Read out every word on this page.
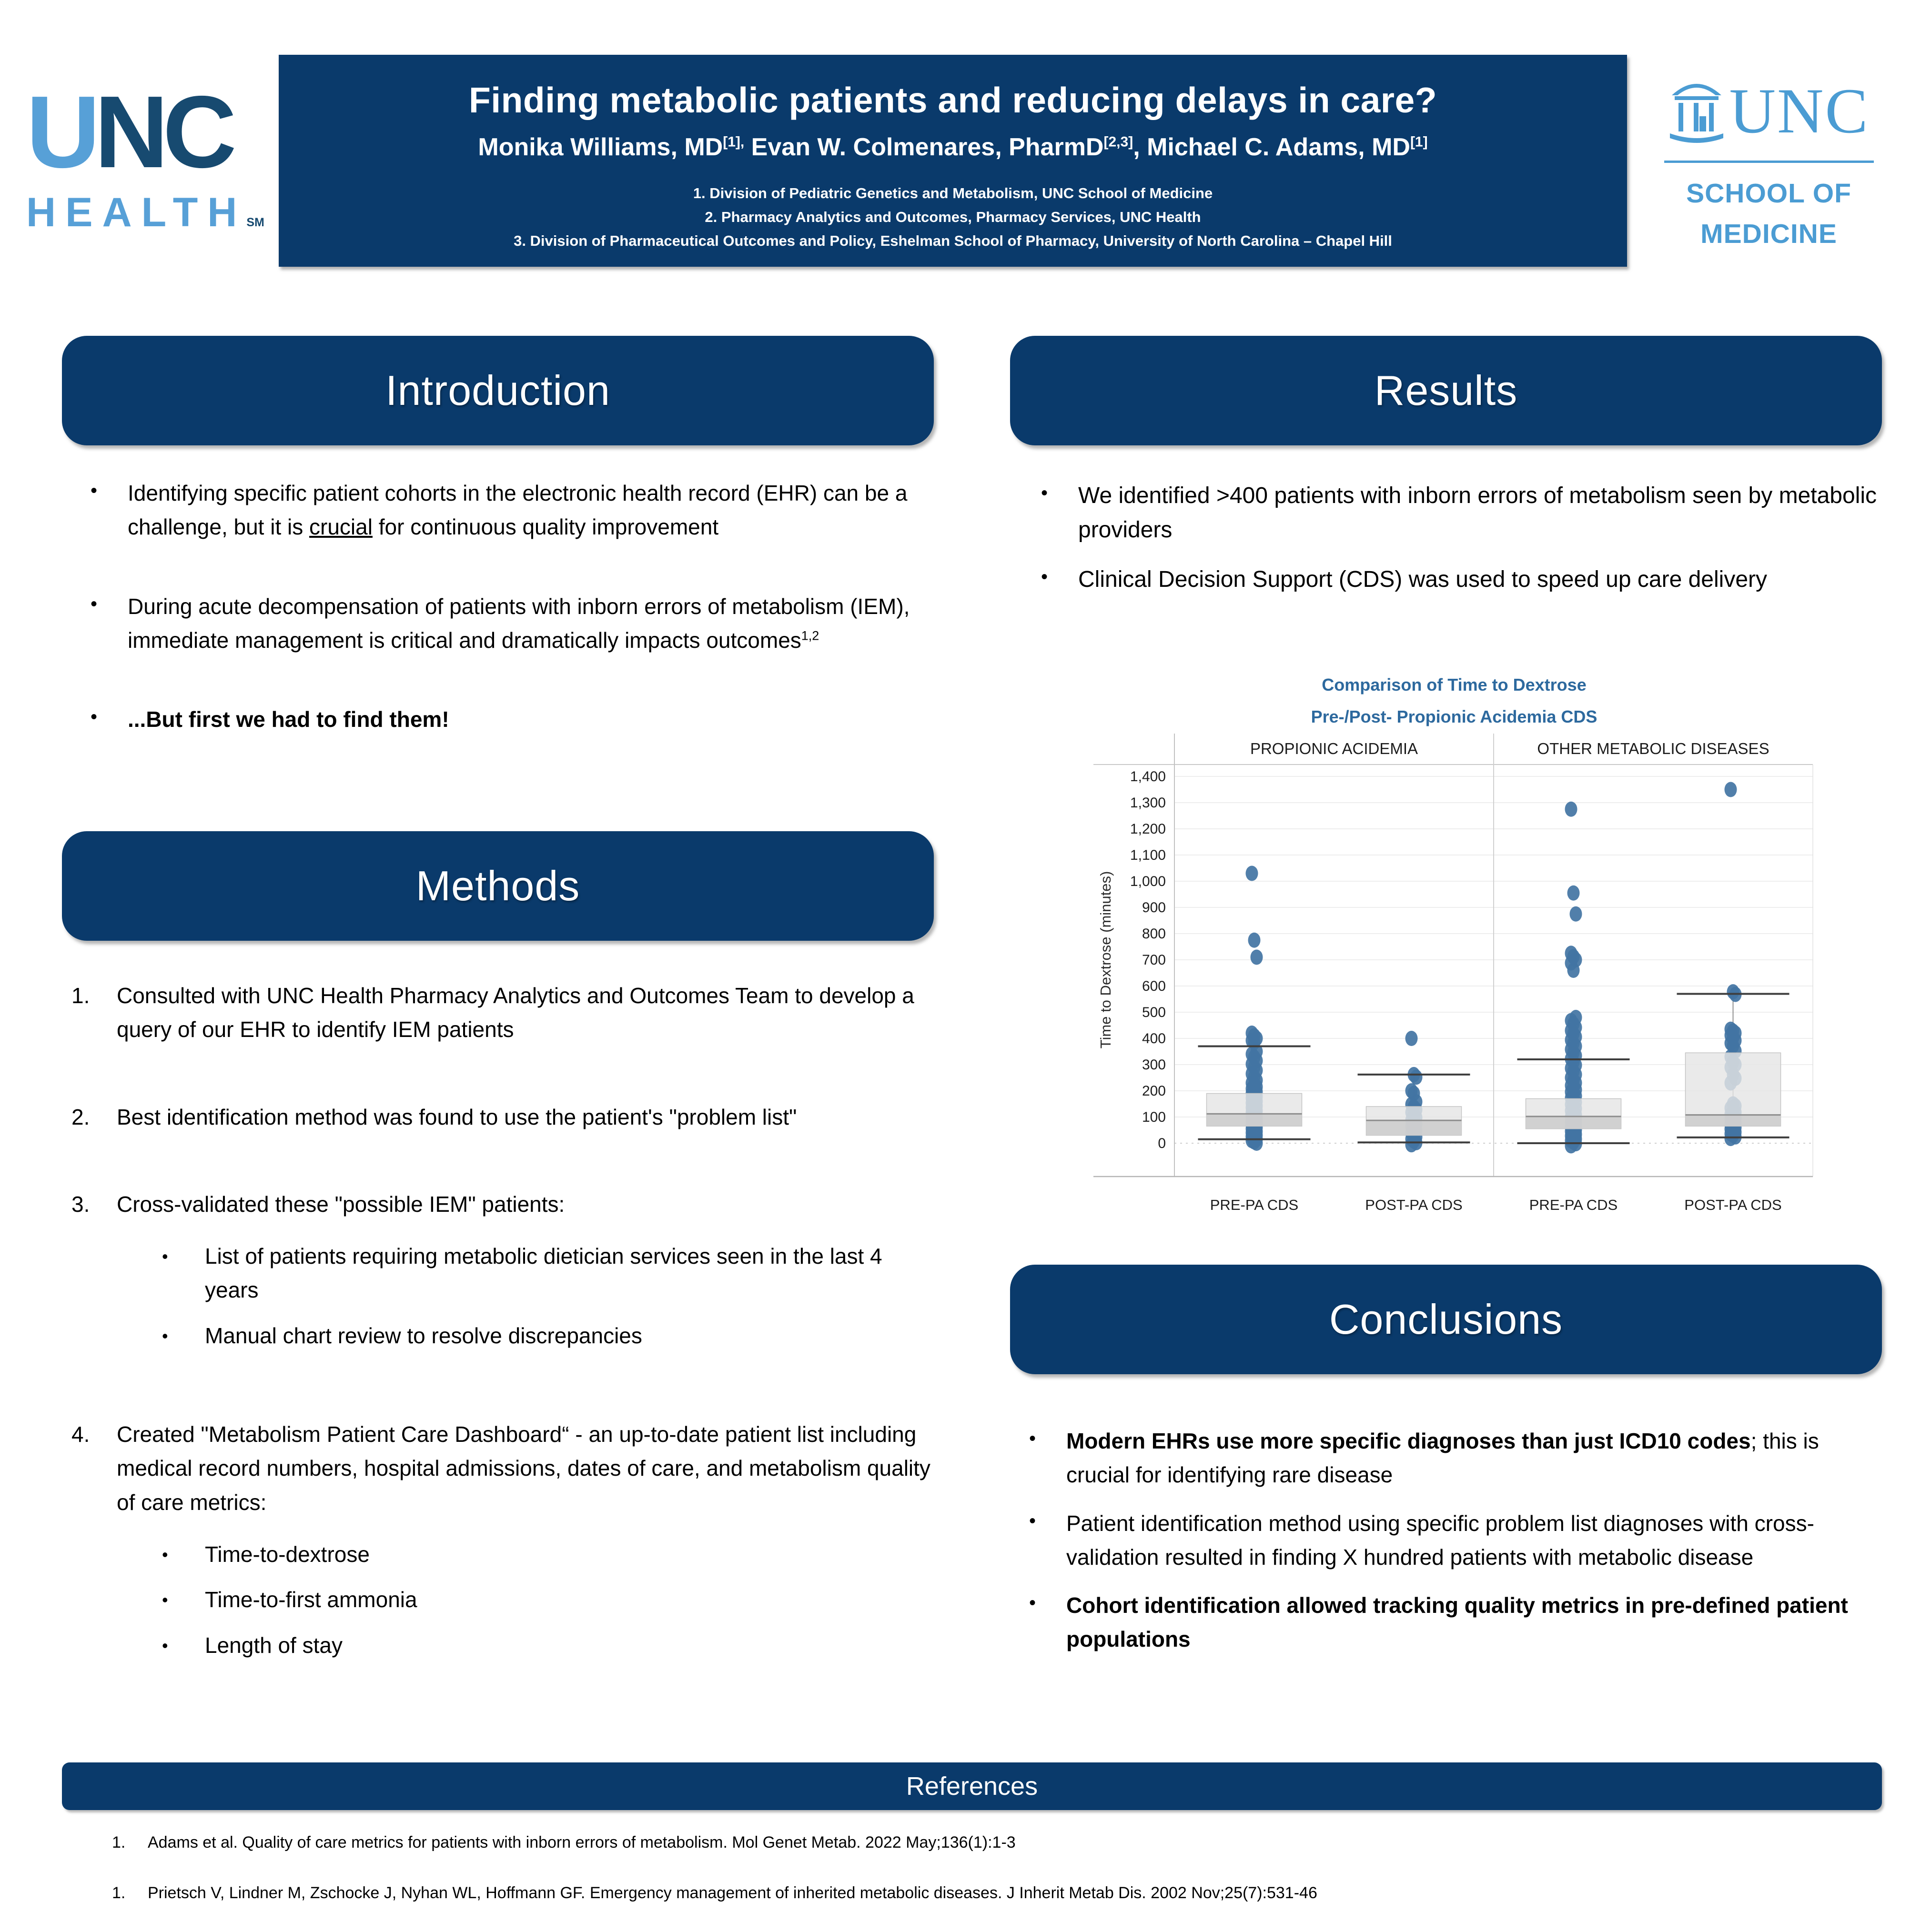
UNC
HEALTHSM
Finding metabolic patients and reducing delays in care?
Monika Williams, $MD^{[1],}$ Evan W. Colmenares, PharmD[2,3], Michael C. Adams, MD[1]
1. Division of Pediatric Genetics and Metabolism, UNC School of Medicine
2. Pharmacy Analytics and Outcomes, Pharmacy Services, UNC Health
3. Division of Pharmaceutical Outcomes and Policy, Eshelman School of Pharmacy, University of North Carolina – Chapel Hill
UNC
SCHOOL OF
MEDICINE
Introduction
Methods
Results
Conclusions
•	Identifying specific patient cohorts in the electronic health record (EHR) can be a challenge, but it is crucial for continuous quality improvement
•	During acute decompensation of patients with inborn errors of metabolism (IEM), immediate management is critical and dramatically impacts outcomes$^{1,2}$
•	...But first we had to find them!
1.	Consulted with UNC Health Pharmacy Analytics and Outcomes Team to develop a query of our EHR to identify IEM patients
2.	Best identification method was found to use the patient's "problem list"
3.	Cross-validated these "possible IEM" patients:
•	List of patients requiring metabolic dietician services seen in the last 4 years
•	Manual chart review to resolve discrepancies
4.	Created "Metabolism Patient Care Dashboard“ - an up-to-date patient list including medical record numbers, hospital admissions, dates of care, and metabolism quality of care metrics:
•	Time-to-dextrose
•	Time-to-first ammonia
•	Length of stay
•	We identified >400 patients with inborn errors of metabolism seen by metabolic providers
•	Clinical Decision Support (CDS) was used to speed up care delivery
•	Modern EHRs use more specific diagnoses than just ICD10 codes; this is crucial for identifying rare disease
•	Patient identification method using specific problem list diagnoses with cross-validation resulted in finding X hundred patients with metabolic disease
•	Cohort identification allowed tracking quality metrics in pre-defined patient populations
0
100
200
300
400
500
600
700
800
900
1,000
1,100
1,200
1,300
1,400
Comparison of Time to Dextrose
Pre-/Post- Propionic Acidemia CDS
PROPIONIC ACIDEMIA	OTHER METABOLIC DISEASES
Time to Dextrose (minutes)
PRE-PA CDS	POST-PA CDS	PRE-PA CDS	POST-PA CDS
References
1.	Adams et al. Quality of care metrics for patients with inborn errors of metabolism. Mol Genet Metab. 2022 May;136(1):1-3
1.	Prietsch V, Lindner M, Zschocke J, Nyhan WL, Hoffmann GF. Emergency management of inherited metabolic diseases. J Inherit Metab Dis. 2002 Nov;25(7):531-46
